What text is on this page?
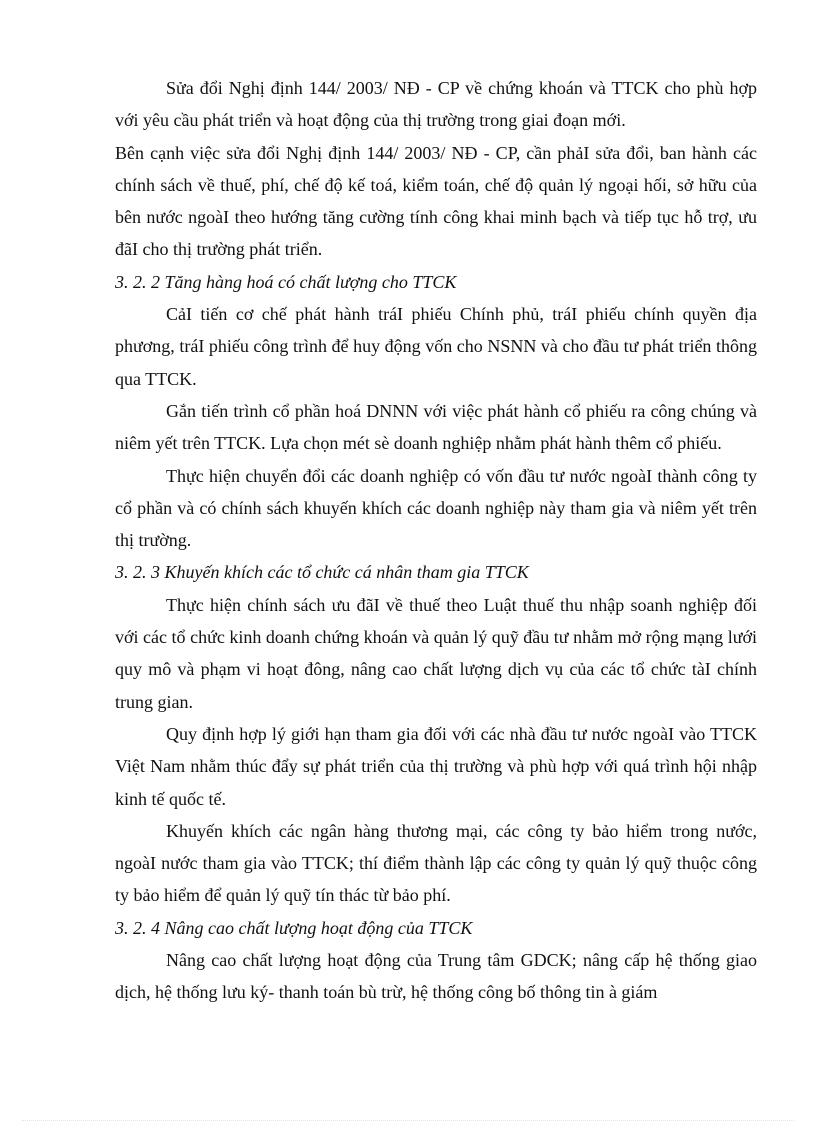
Sửa đổi Nghị định 144/ 2003/ NĐ - CP về chứng khoán và TTCK cho phù hợp với yêu cầu phát triển và hoạt động của thị trường trong giai đoạn mới.

Bên cạnh việc sửa đổi Nghị định 144/ 2003/ NĐ - CP, cần phảI sửa đổi, ban hành các chính sách về thuế, phí, chế độ kế toá, kiểm toán, chế độ quản lý ngoại hối, sở hữu của bên nước ngoàI theo hướng tăng cường tính công khai minh bạch và tiếp tục hỗ trợ, ưu đãI cho thị trường phát triển.

3. 2. 2 Tăng hàng hoá có chất lượng cho TTCK

CảI tiến cơ chế phát hành tráI phiếu Chính phủ, tráI phiếu chính quyền địa phương, tráI phiếu công trình để huy động vốn cho NSNN và cho đầu tư phát triển thông qua TTCK.

Gắn tiến trình cổ phần hoá DNNN với việc phát hành cổ phiếu ra công chúng và niêm yết trên TTCK. Lựa chọn mét sè doanh nghiệp nhằm phát hành thêm cổ phiếu.

Thực hiện chuyển đổi các doanh nghiệp có vốn đầu tư nước ngoàI thành công ty cổ phần và có chính sách khuyến khích các doanh nghiệp này tham gia và niêm yết trên thị trường.

3. 2. 3 Khuyến khích các tổ chức cá nhân tham gia TTCK

Thực hiện chính sách ưu đãI về thuế theo Luật thuế thu nhập soanh nghiệp đối với các tổ chức kinh doanh chứng khoán và quản lý quỹ đầu tư nhằm mở rộng mạng lưới quy mô và phạm vi hoạt đông, nâng cao chất lượng dịch vụ của các tổ chức tàI chính trung gian.

Quy định hợp lý giới hạn tham gia đối với các nhà đầu tư nước ngoàI vào TTCK Việt Nam nhằm thúc đẩy sự phát triển của thị trường và phù hợp với quá trình hội nhập kinh tế quốc tế.

Khuyến khích các ngân hàng thương mại, các công ty bảo hiểm trong nước, ngoàI nước tham gia vào TTCK; thí điểm thành lập các công ty quản lý quỹ thuộc công ty bảo hiểm để quản lý quỹ tín thác từ bảo phí.

3. 2. 4 Nâng cao chất lượng hoạt động của TTCK

Nâng cao chất lượng hoạt động của Trung tâm GDCK; nâng cấp hệ thống giao dịch, hệ thống lưu ký- thanh toán bù trừ, hệ thống công bố thông tin à giám
